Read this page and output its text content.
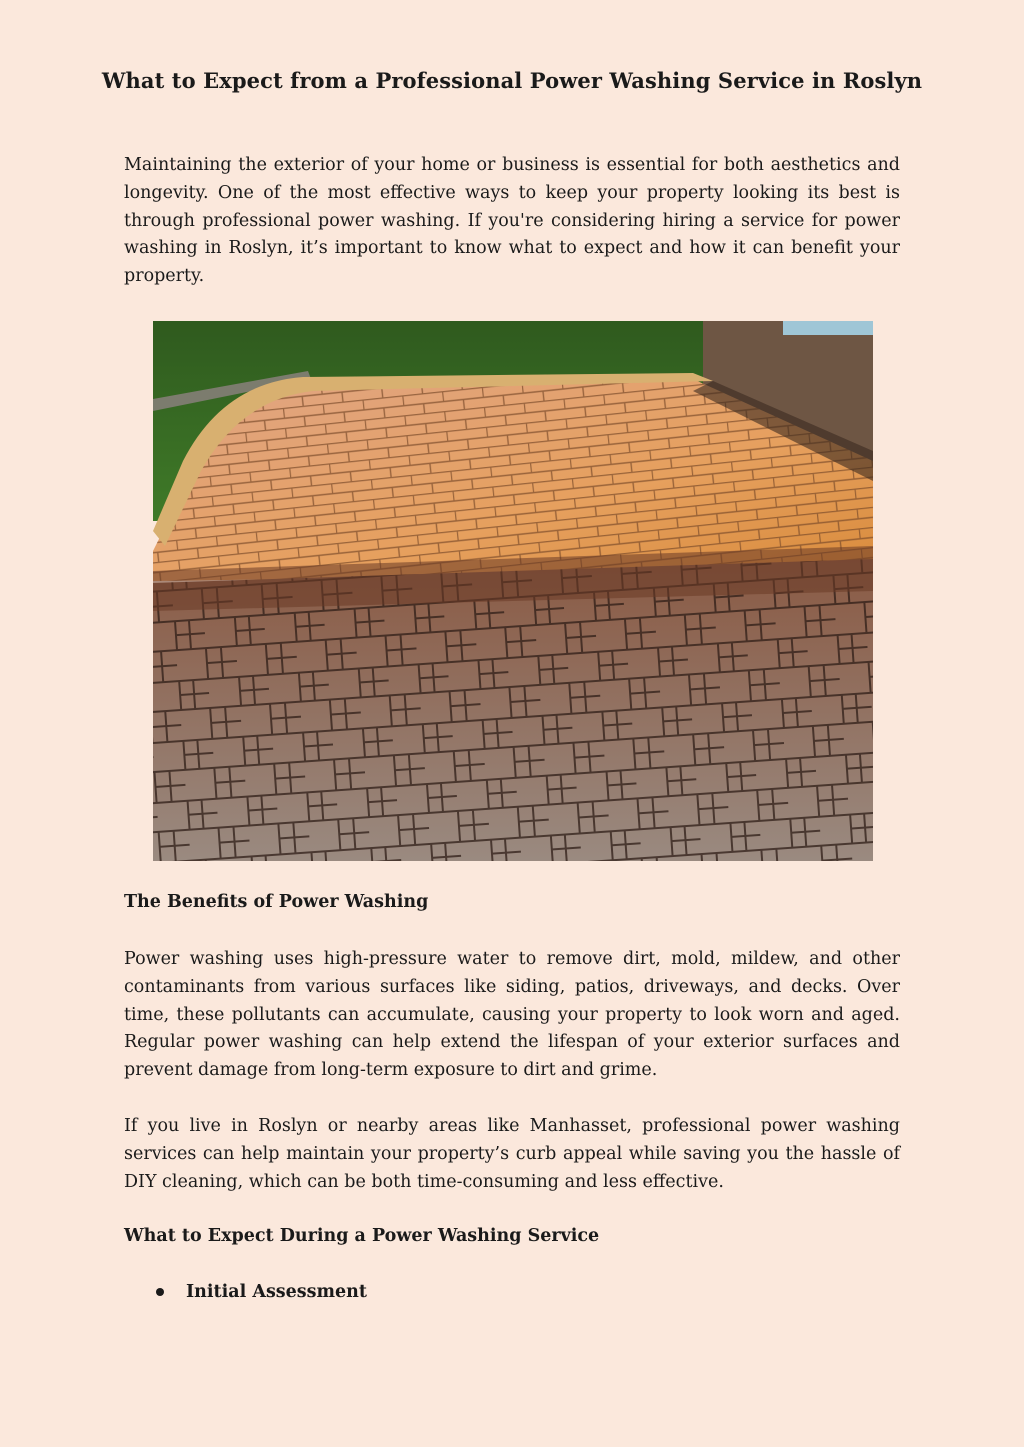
What to Expect from a Professional Power Washing Service in Roslyn

Maintaining the exterior of your home or business is essential for both aesthetics and longevity. One of the most effective ways to keep your property looking its best is through professional power washing. If you're considering hiring a service for power washing in Roslyn, it’s important to know what to expect and how it can benefit your property.

The Benefits of Power Washing

Power washing uses high-pressure water to remove dirt, mold, mildew, and other contaminants from various surfaces like siding, patios, driveways, and decks. Over time, these pollutants can accumulate, causing your property to look worn and aged. Regular power washing can help extend the lifespan of your exterior surfaces and prevent damage from long-term exposure to dirt and grime.

If you live in Roslyn or nearby areas like Manhasset, professional power washing services can help maintain your property’s curb appeal while saving you the hassle of DIY cleaning, which can be both time-consuming and less effective.

What to Expect During a Power Washing Service
Initial Assessment
